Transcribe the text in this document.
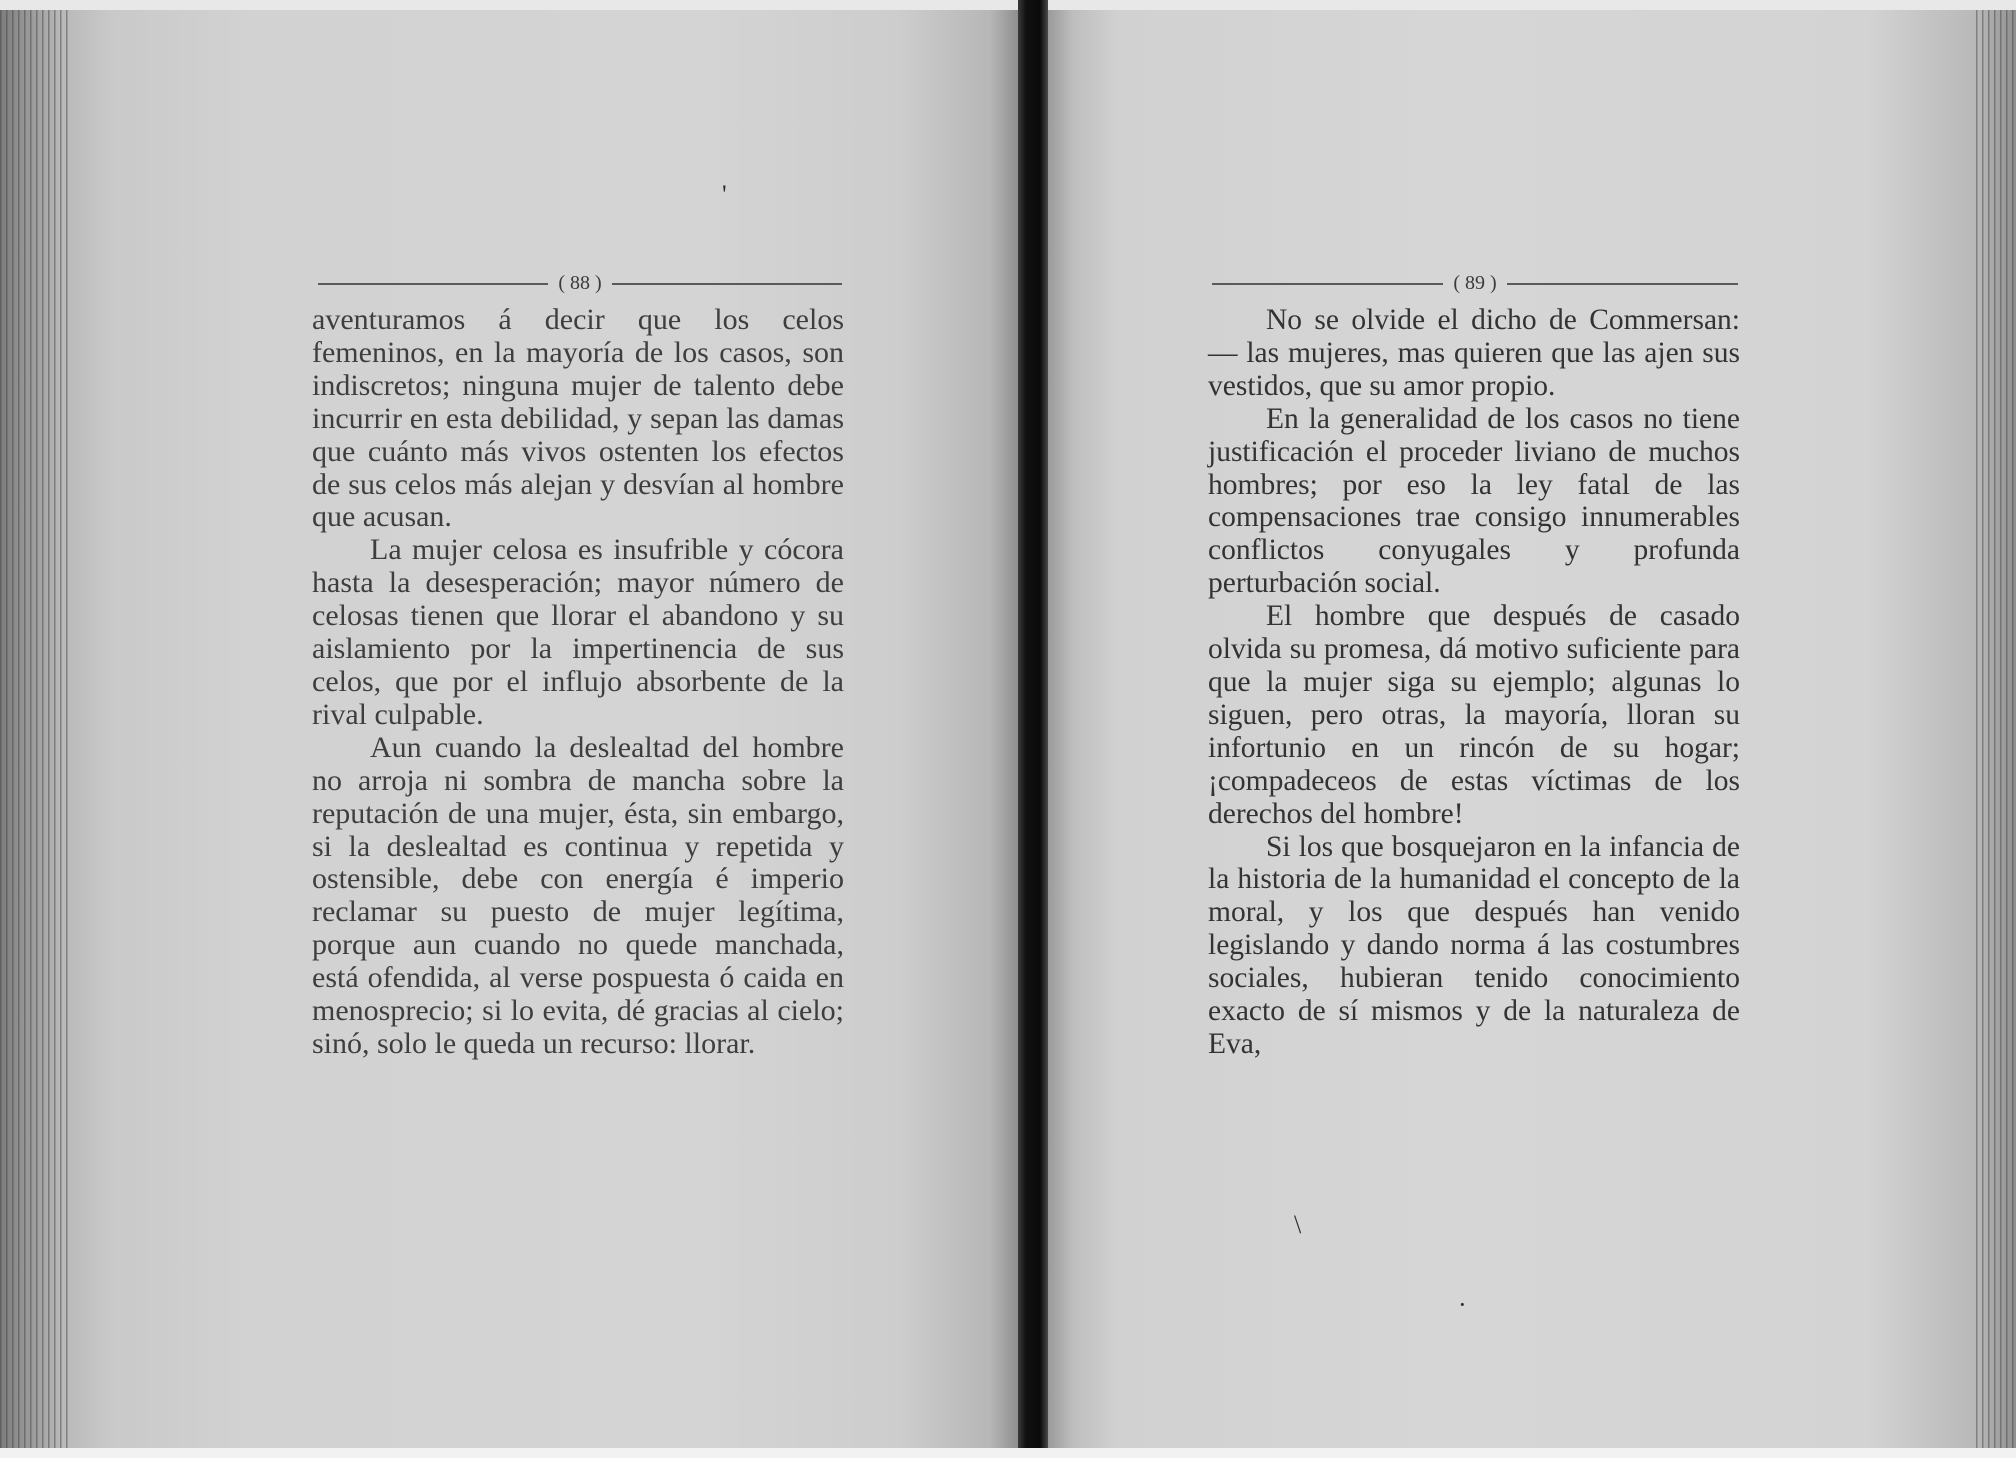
( 88 )

aventuramos á decir que los celos femeninos, en la mayoría de los casos, son indiscretos; ninguna mujer de talento debe incurrir en esta debilidad, y sepan las damas que cuánto más vivos ostenten los efectos de sus celos más alejan y desvían al hombre que acusan.

La mujer celosa es insufrible y cócora hasta la desesperación; mayor número de celosas tienen que llorar el abandono y su aislamiento por la impertinencia de sus celos, que por el influjo absorbente de la rival culpable.

Aun cuando la deslealtad del hombre no arroja ni sombra de mancha sobre la reputación de una mujer, ésta, sin embargo, si la deslealtad es continua y repetida y ostensible, debe con energía é imperio reclamar su puesto de mujer legítima, porque aun cuando no quede manchada, está ofendida, al verse pospuesta ó caida en menosprecio; si lo evita, dé gracias al cielo; sinó, solo le queda un recurso: llorar.

( 89 )

No se olvide el dicho de Commersan: — las mujeres, mas quieren que las ajen sus vestidos, que su amor propio.

En la generalidad de los casos no tiene justificación el proceder liviano de muchos hombres; por eso la ley fatal de las compensaciones trae consigo innumerables conflictos conyugales y profunda perturbación social.

El hombre que después de casado olvida su promesa, dá motivo suficiente para que la mujer siga su ejemplo; algunas lo siguen, pero otras, la mayoría, lloran su infortunio en un rincón de su hogar; ¡compadeceos de estas víctimas de los derechos del hombre!

Si los que bosquejaron en la infancia de la historia de la humanidad el concepto de la moral, y los que después han venido legislando y dando norma á las costumbres sociales, hubieran tenido conocimiento exacto de sí mismos y de la naturaleza de Eva,

'
\
·
